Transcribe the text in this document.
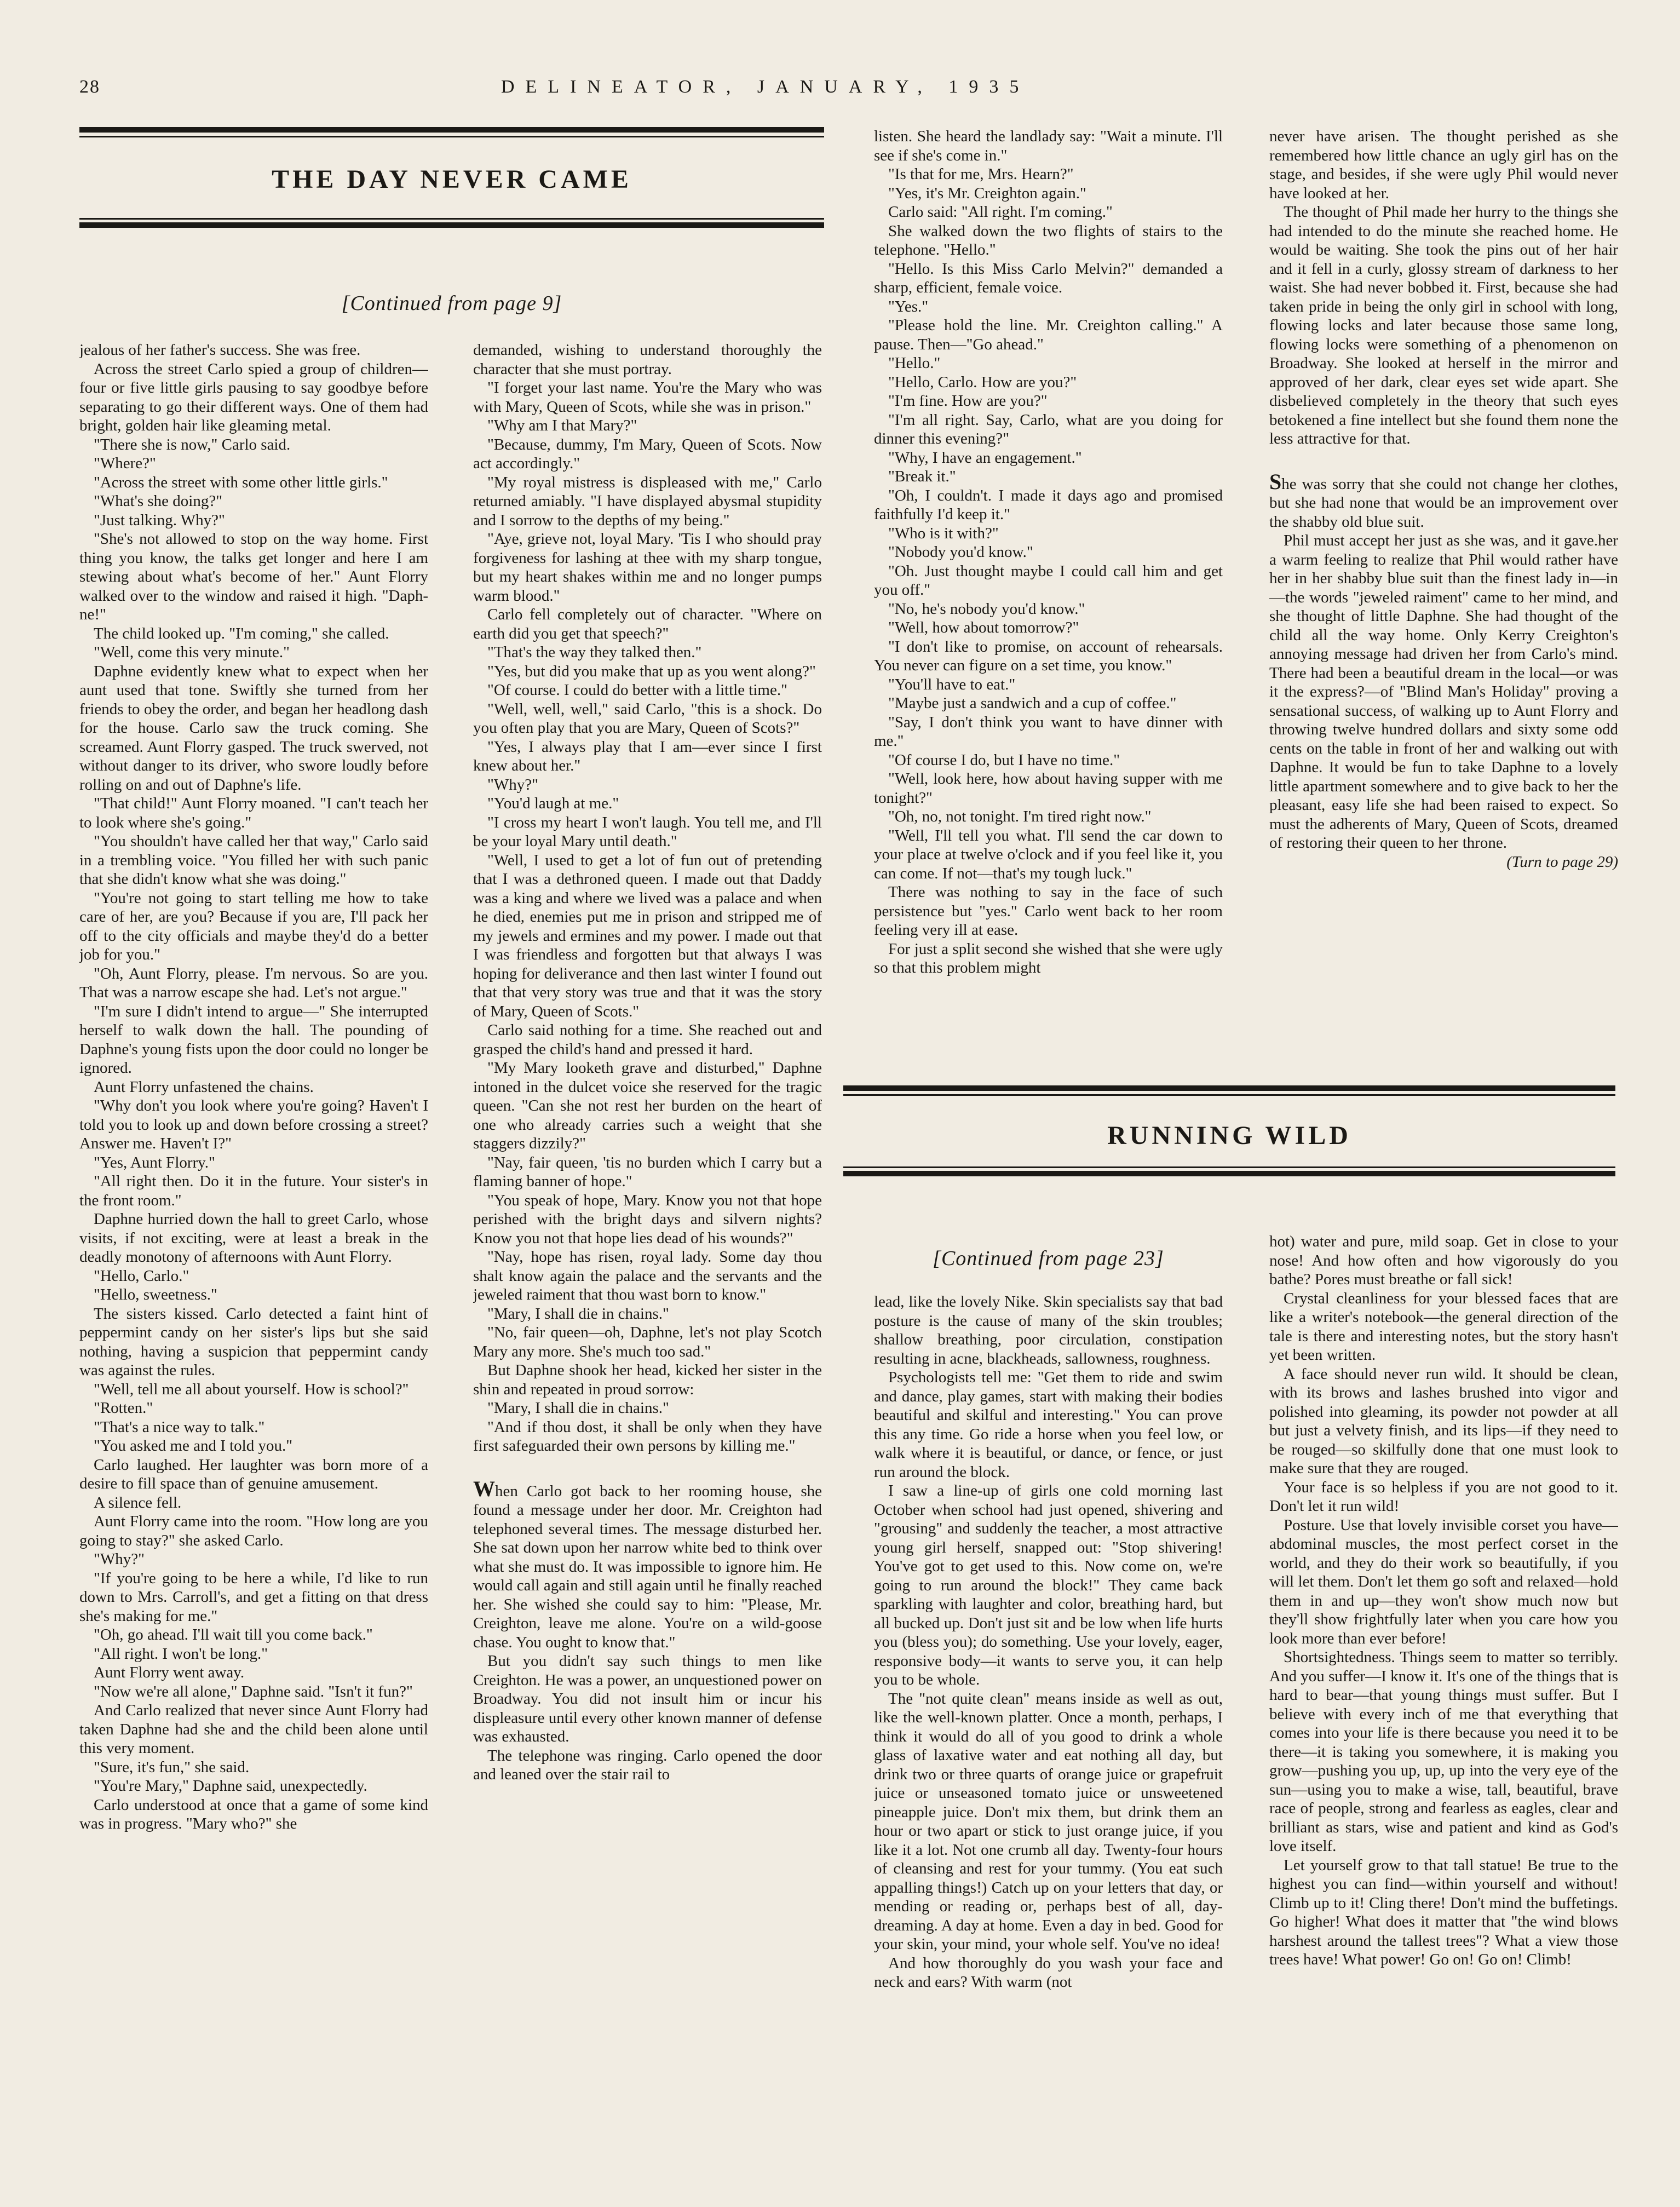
28	DELINEATOR, JANUARY, 1935
THE DAY NEVER CAME
[Continued from page 9]

jealous of her father's success. She was free.

Across the street Carlo spied a group of children—four or five little girls pausing to say goodbye before separating to go their different ways. One of them had bright, golden hair like gleaming metal.

"There she is now," Carlo said.

"Where?"

"Across the street with some other little girls."

"What's she doing?"

"Just talking. Why?"

"She's not allowed to stop on the way home. First thing you know, the talks get longer and here I am stewing about what's become of her." Aunt Florry walked over to the window and raised it high. "Daph-ne!"

The child looked up. "I'm coming," she called.

"Well, come this very minute."

Daphne evidently knew what to expect when her aunt used that tone. Swiftly she turned from her friends to obey the order, and began her headlong dash for the house. Carlo saw the truck coming. She screamed. Aunt Florry gasped. The truck swerved, not without danger to its driver, who swore loudly before rolling on and out of Daphne's life.

"That child!" Aunt Florry moaned. "I can't teach her to look where she's going."

"You shouldn't have called her that way," Carlo said in a trembling voice. "You filled her with such panic that she didn't know what she was doing."

"You're not going to start telling me how to take care of her, are you? Because if you are, I'll pack her off to the city officials and maybe they'd do a better job for you."

"Oh, Aunt Florry, please. I'm nervous. So are you. That was a narrow escape she had. Let's not argue."

"I'm sure I didn't intend to argue—" She interrupted herself to walk down the hall. The pounding of Daphne's young fists upon the door could no longer be ignored.

Aunt Florry unfastened the chains.

"Why don't you look where you're going? Haven't I told you to look up and down before crossing a street? Answer me. Haven't I?"

"Yes, Aunt Florry."

"All right then. Do it in the future. Your sister's in the front room."

Daphne hurried down the hall to greet Carlo, whose visits, if not exciting, were at least a break in the deadly monotony of afternoons with Aunt Florry.

"Hello, Carlo."

"Hello, sweetness."

The sisters kissed. Carlo detected a faint hint of peppermint candy on her sister's lips but she said nothing, having a suspicion that peppermint candy was against the rules.

"Well, tell me all about yourself. How is school?"

"Rotten."

"That's a nice way to talk."

"You asked me and I told you."

Carlo laughed. Her laughter was born more of a desire to fill space than of genuine amusement.

A silence fell.

Aunt Florry came into the room. "How long are you going to stay?" she asked Carlo.

"Why?"

"If you're going to be here a while, I'd like to run down to Mrs. Carroll's, and get a fitting on that dress she's making for me."

"Oh, go ahead. I'll wait till you come back."

"All right. I won't be long."

Aunt Florry went away.

"Now we're all alone," Daphne said. "Isn't it fun?"

And Carlo realized that never since Aunt Florry had taken Daphne had she and the child been alone until this very moment.

"Sure, it's fun," she said.

"You're Mary," Daphne said, unexpectedly.

Carlo understood at once that a game of some kind was in progress. "Mary who?" she

demanded, wishing to understand thoroughly the character that she must portray.

"I forget your last name. You're the Mary who was with Mary, Queen of Scots, while she was in prison."

"Why am I that Mary?"

"Because, dummy, I'm Mary, Queen of Scots. Now act accordingly."

"My royal mistress is displeased with me," Carlo returned amiably. "I have displayed abysmal stupidity and I sorrow to the depths of my being."

"Aye, grieve not, loyal Mary. 'Tis I who should pray forgiveness for lashing at thee with my sharp tongue, but my heart shakes within me and no longer pumps warm blood."

Carlo fell completely out of character. "Where on earth did you get that speech?"

"That's the way they talked then."

"Yes, but did you make that up as you went along?"

"Of course. I could do better with a little time."

"Well, well, well," said Carlo, "this is a shock. Do you often play that you are Mary, Queen of Scots?"

"Yes, I always play that I am—ever since I first knew about her."

"Why?"

"You'd laugh at me."

"I cross my heart I won't laugh. You tell me, and I'll be your loyal Mary until death."

"Well, I used to get a lot of fun out of pretending that I was a dethroned queen. I made out that Daddy was a king and where we lived was a palace and when he died, enemies put me in prison and stripped me of my jewels and ermines and my power. I made out that I was friendless and forgotten but that always I was hoping for deliverance and then last winter I found out that that very story was true and that it was the story of Mary, Queen of Scots."

Carlo said nothing for a time. She reached out and grasped the child's hand and pressed it hard.

"My Mary looketh grave and disturbed," Daphne intoned in the dulcet voice she reserved for the tragic queen. "Can she not rest her burden on the heart of one who already carries such a weight that she staggers dizzily?"

"Nay, fair queen, 'tis no burden which I carry but a flaming banner of hope."

"You speak of hope, Mary. Know you not that hope perished with the bright days and silvern nights? Know you not that hope lies dead of his wounds?"

"Nay, hope has risen, royal lady. Some day thou shalt know again the palace and the servants and the jeweled raiment that thou wast born to know."

"Mary, I shall die in chains."

"No, fair queen—oh, Daphne, let's not play Scotch Mary any more. She's much too sad."

But Daphne shook her head, kicked her sister in the shin and repeated in proud sorrow:

"Mary, I shall die in chains."

"And if thou dost, it shall be only when they have first safeguarded their own persons by killing me."

When Carlo got back to her rooming house, she found a message under her door. Mr. Creighton had telephoned several times. The message disturbed her. She sat down upon her narrow white bed to think over what she must do. It was impossible to ignore him. He would call again and still again until he finally reached her. She wished she could say to him: "Please, Mr. Creighton, leave me alone. You're on a wild-goose chase. You ought to know that."

But you didn't say such things to men like Creighton. He was a power, an unquestioned power on Broadway. You did not insult him or incur his displeasure until every other known manner of defense was exhausted.

The telephone was ringing. Carlo opened the door and leaned over the stair rail to

listen. She heard the landlady say: "Wait a minute. I'll see if she's come in."

"Is that for me, Mrs. Hearn?"

"Yes, it's Mr. Creighton again."

Carlo said: "All right. I'm coming."

She walked down the two flights of stairs to the telephone. "Hello."

"Hello. Is this Miss Carlo Melvin?" demanded a sharp, efficient, female voice.

"Yes."

"Please hold the line. Mr. Creighton calling." A pause. Then—"Go ahead."

"Hello."

"Hello, Carlo. How are you?"

"I'm fine. How are you?"

"I'm all right. Say, Carlo, what are you doing for dinner this evening?"

"Why, I have an engagement."

"Break it."

"Oh, I couldn't. I made it days ago and promised faithfully I'd keep it."

"Who is it with?"

"Nobody you'd know."

"Oh. Just thought maybe I could call him and get you off."

"No, he's nobody you'd know."

"Well, how about tomorrow?"

"I don't like to promise, on account of rehearsals. You never can figure on a set time, you know."

"You'll have to eat."

"Maybe just a sandwich and a cup of coffee."

"Say, I don't think you want to have dinner with me."

"Of course I do, but I have no time."

"Well, look here, how about having supper with me tonight?"

"Oh, no, not tonight. I'm tired right now."

"Well, I'll tell you what. I'll send the car down to your place at twelve o'clock and if you feel like it, you can come. If not—that's my tough luck."

There was nothing to say in the face of such persistence but "yes." Carlo went back to her room feeling very ill at ease.

For just a split second she wished that she were ugly so that this problem might

never have arisen. The thought perished as she remembered how little chance an ugly girl has on the stage, and besides, if she were ugly Phil would never have looked at her.

The thought of Phil made her hurry to the things she had intended to do the minute she reached home. He would be waiting. She took the pins out of her hair and it fell in a curly, glossy stream of darkness to her waist. She had never bobbed it. First, because she had taken pride in being the only girl in school with long, flowing locks and later because those same long, flowing locks were something of a phenomenon on Broadway. She looked at herself in the mirror and approved of her dark, clear eyes set wide apart. She disbelieved completely in the theory that such eyes betokened a fine intellect but she found them none the less attractive for that.

She was sorry that she could not change her clothes, but she had none that would be an improvement over the shabby old blue suit.

Phil must accept her just as she was, and it gave.her a warm feeling to realize that Phil would rather have her in her shabby blue suit than the finest lady in—in—the words "jeweled raiment" came to her mind, and she thought of little Daphne. She had thought of the child all the way home. Only Kerry Creighton's annoying message had driven her from Carlo's mind. There had been a beautiful dream in the local—or was it the express?—of "Blind Man's Holiday" proving a sensational success, of walking up to Aunt Florry and throwing twelve hundred dollars and sixty some odd cents on the table in front of her and walking out with Daphne. It would be fun to take Daphne to a lovely little apartment somewhere and to give back to her the pleasant, easy life she had been raised to expect. So must the adherents of Mary, Queen of Scots, dreamed of restoring their queen to her throne.

(Turn to page 29)

RUNNING WILD
[Continued from page 23]

lead, like the lovely Nike. Skin specialists say that bad posture is the cause of many of the skin troubles; shallow breathing, poor circulation, constipation resulting in acne, blackheads, sallowness, roughness.

Psychologists tell me: "Get them to ride and swim and dance, play games, start with making their bodies beautiful and skilful and interesting." You can prove this any time. Go ride a horse when you feel low, or walk where it is beautiful, or dance, or fence, or just run around the block.

I saw a line-up of girls one cold morning last October when school had just opened, shivering and "grousing" and suddenly the teacher, a most attractive young girl herself, snapped out: "Stop shivering! You've got to get used to this. Now come on, we're going to run around the block!" They came back sparkling with laughter and color, breathing hard, but all bucked up. Don't just sit and be low when life hurts you (bless you); do something. Use your lovely, eager, responsive body—it wants to serve you, it can help you to be whole.

The "not quite clean" means inside as well as out, like the well-known platter. Once a month, perhaps, I think it would do all of you good to drink a whole glass of laxative water and eat nothing all day, but drink two or three quarts of orange juice or grapefruit juice or unseasoned tomato juice or unsweetened pineapple juice. Don't mix them, but drink them an hour or two apart or stick to just orange juice, if you like it a lot. Not one crumb all day. Twenty-four hours of cleansing and rest for your tummy. (You eat such appalling things!) Catch up on your letters that day, or mending or reading or, perhaps best of all, day-dreaming. A day at home. Even a day in bed. Good for your skin, your mind, your whole self. You've no idea!

And how thoroughly do you wash your face and neck and ears? With warm (not

hot) water and pure, mild soap. Get in close to your nose! And how often and how vigorously do you bathe? Pores must breathe or fall sick!

Crystal cleanliness for your blessed faces that are like a writer's notebook—the general direction of the tale is there and interesting notes, but the story hasn't yet been written.

A face should never run wild. It should be clean, with its brows and lashes brushed into vigor and polished into gleaming, its powder not powder at all but just a velvety finish, and its lips—if they need to be rouged—so skilfully done that one must look to make sure that they are rouged.

Your face is so helpless if you are not good to it. Don't let it run wild!

Posture. Use that lovely invisible corset you have—abdominal muscles, the most perfect corset in the world, and they do their work so beautifully, if you will let them. Don't let them go soft and relaxed—hold them in and up—they won't show much now but they'll show frightfully later when you care how you look more than ever before!

Shortsightedness. Things seem to matter so terribly. And you suffer—I know it. It's one of the things that is hard to bear—that young things must suffer. But I believe with every inch of me that everything that comes into your life is there because you need it to be there—it is taking you somewhere, it is making you grow—pushing you up, up, up into the very eye of the sun—using you to make a wise, tall, beautiful, brave race of people, strong and fearless as eagles, clear and brilliant as stars, wise and patient and kind as God's love itself.

Let yourself grow to that tall statue! Be true to the highest you can find—within yourself and without! Climb up to it! Cling there! Don't mind the buffetings. Go higher! What does it matter that "the wind blows harshest around the tallest trees"? What a view those trees have! What power! Go on! Go on! Climb!
